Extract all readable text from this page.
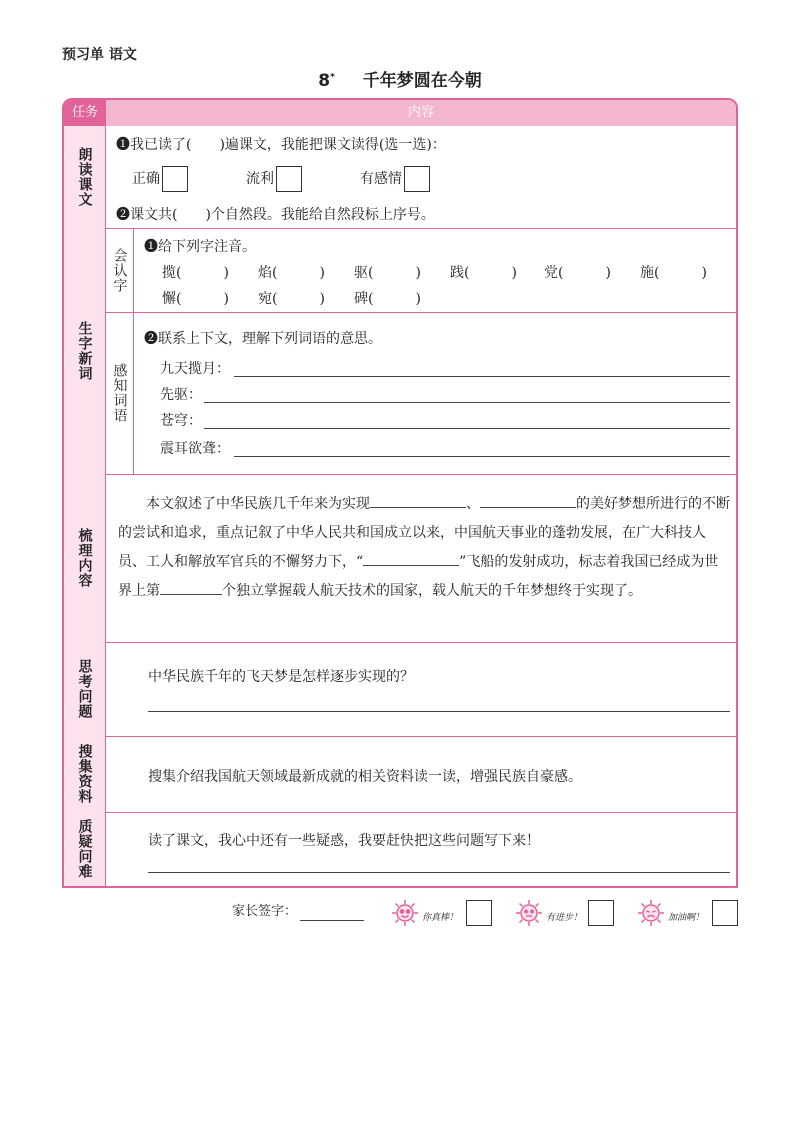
预习单 语文
8* 千年梦圆在今朝
任务	内容
朗读课文
❶我已读了(　　)遍课文，我能把课文读得(选一选)：
正确	流利	有感情
❷课文共(　　)个自然段。我能给自然段标上序号。
生字新词
会认字
❶给下列字注音。
揽(　　　) 焰(　　　) 驱(　　　) 践(　　　) 党(　　　) 施(　　　)
懈(　　　) 宛(　　　) 碑(　　　)
感知词语
❷联系上下文，理解下列词语的意思。
九天揽月：
先驱：
苍穹：
震耳欲聋：
梳理内容
本文叙述了中华民族几千年来为实现	、	的美好梦想所进行的不断的尝试和追求，重点记叙了中华人民共和国成立以来，中国航天事业的蓬勃发展，在广大科技人员、工人和解放军官兵的不懈努力下，“	”飞船的发射成功，标志着我国已经成为世界上第	个独立掌握载人航天技术的国家，载人航天的千年梦想终于实现了。
思考问题	中华民族千年的飞天梦是怎样逐步实现的？
搜集资料	搜集介绍我国航天领域最新成就的相关资料读一读，增强民族自豪感。
质疑问难	读了课文，我心中还有一些疑惑，我要赶快把这些问题写下来！
家长签字：	你真棒！	有进步！	加油啊！
